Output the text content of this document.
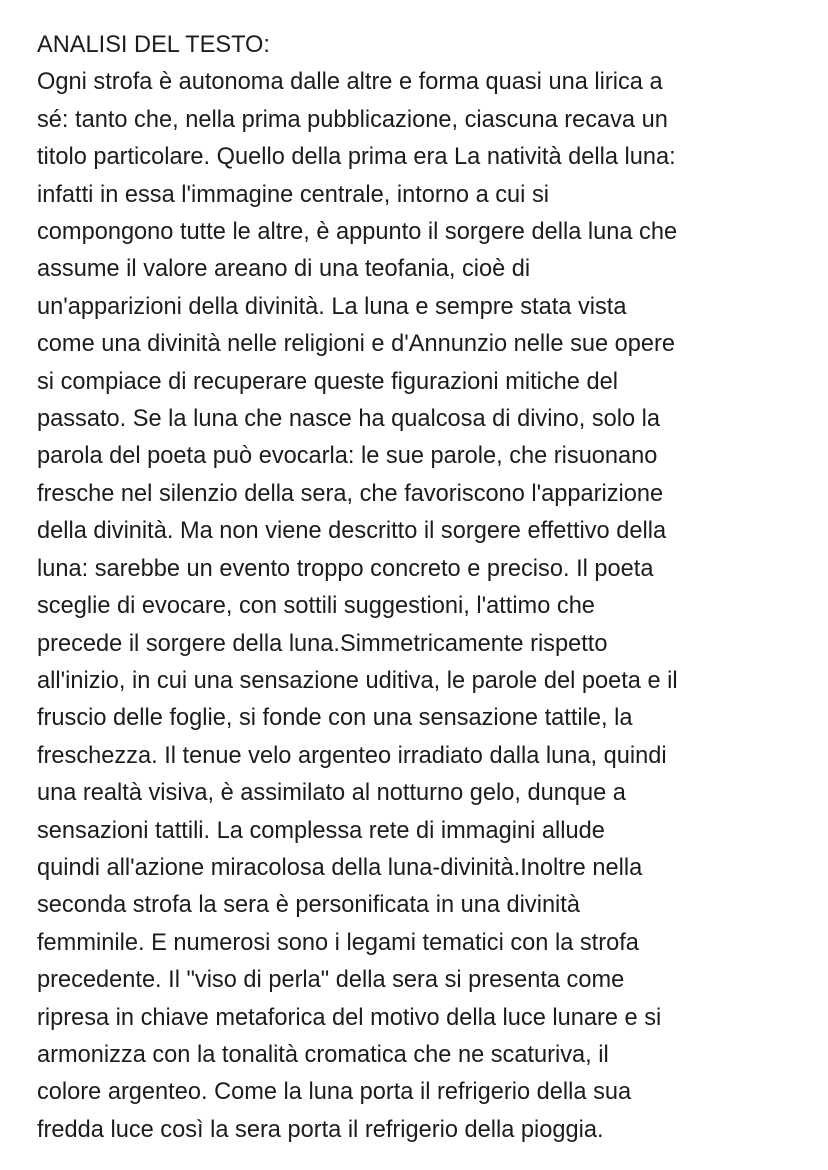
ANALISI DEL TESTO:
Ogni strofa è autonoma dalle altre e forma quasi una lirica a
sé: tanto che, nella prima pubblicazione, ciascuna recava un
titolo particolare. Quello della prima era La natività della luna:
infatti in essa l'immagine centrale, intorno a cui si
compongono tutte le altre, è appunto il sorgere della luna che
assume il valore areano di una teofania, cioè di
un'apparizioni della divinità. La luna e sempre stata vista
come una divinità nelle religioni e d'Annunzio nelle sue opere
si compiace di recuperare queste figurazioni mitiche del
passato. Se la luna che nasce ha qualcosa di divino, solo la
parola del poeta può evocarla: le sue parole, che risuonano
fresche nel silenzio della sera, che favoriscono l'apparizione
della divinità. Ma non viene descritto il sorgere effettivo della
luna: sarebbe un evento troppo concreto e preciso. Il poeta
sceglie di evocare, con sottili suggestioni, l'attimo che
precede il sorgere della luna.Simmetricamente rispetto
all'inizio, in cui una sensazione uditiva, le parole del poeta e il
fruscio delle foglie, si fonde con una sensazione tattile, la
freschezza. Il tenue velo argenteo irradiato dalla luna, quindi
una realtà visiva, è assimilato al notturno gelo, dunque a
sensazioni tattili. La complessa rete di immagini allude
quindi all'azione miracolosa della luna-divinità.Inoltre nella
seconda strofa la sera è personificata in una divinità
femminile. E numerosi sono i legami tematici con la strofa
precedente. Il "viso di perla" della sera si presenta come
ripresa in chiave metaforica del motivo della luce lunare e si
armonizza con la tonalità cromatica che ne scaturiva, il
colore argenteo. Come la luna porta il refrigerio della sua
fredda luce così la sera porta il refrigerio della pioggia.
